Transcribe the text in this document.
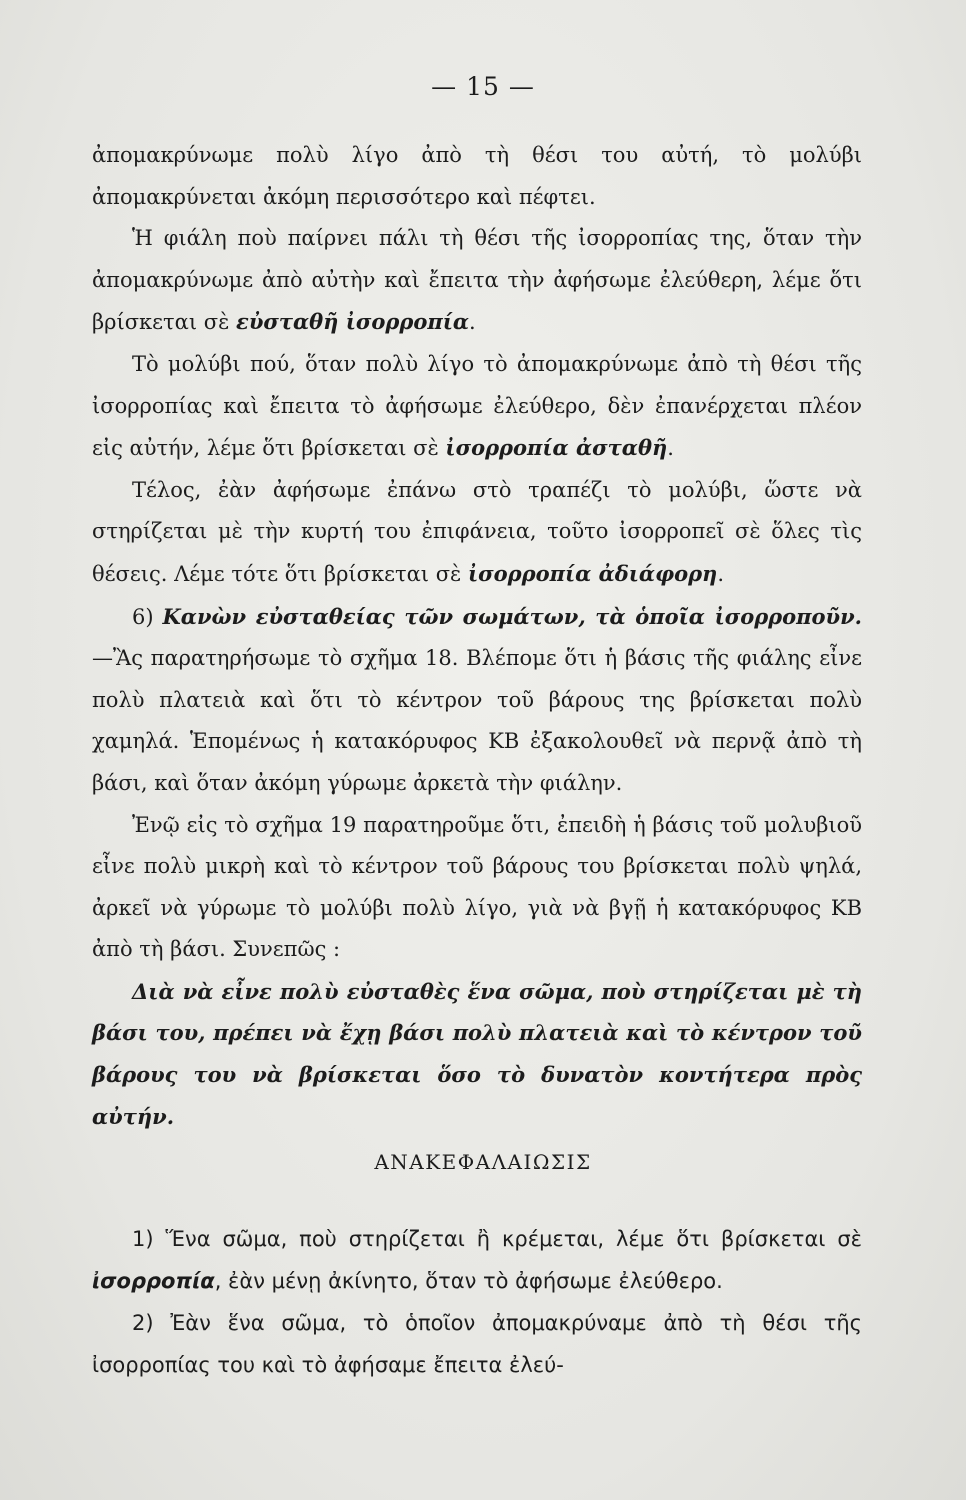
— 15 —

ἀπομακρύνωμε πολὺ λίγο ἀπὸ τὴ θέσι του αὐτή, τὸ μολύβι ἀπομακρύνεται ἀκόμη περισσότερο καὶ πέφτει.

Ἡ φιάλη ποὺ παίρνει πάλι τὴ θέσι τῆς ἰσορροπίας της, ὅταν τὴν ἀπομακρύνωμε ἀπὸ αὐτὴν καὶ ἔπειτα τὴν ἀφήσωμε ἐλεύθερη, λέμε ὅτι βρίσκεται σὲ εὐσταθῆ ἰσορροπία.

Τὸ μολύβι πού, ὅταν πολὺ λίγο τὸ ἀπομακρύνωμε ἀπὸ τὴ θέσι τῆς ἰσορροπίας καὶ ἔπειτα τὸ ἀφήσωμε ἐλεύθερο, δὲν ἐπανέρχεται πλέον εἰς αὐτήν, λέμε ὅτι βρίσκεται σὲ ἰσορροπία ἀσταθῆ.

Τέλος, ἐὰν ἀφήσωμε ἐπάνω στὸ τραπέζι τὸ μολύβι, ὥστε νὰ στηρίζεται μὲ τὴν κυρτή του ἐπιφάνεια, τοῦτο ἰσορροπεῖ σὲ ὅλες τὶς θέσεις. Λέμε τότε ὅτι βρίσκεται σὲ ἰσορροπία ἀδιάφορη.

6) Κανὼν εὐσταθείας τῶν σωμάτων, τὰ ὁποῖα ἰσορροποῦν.—Ἂς παρατηρήσωμε τὸ σχῆμα 18. Βλέπομε ὅτι ἡ βάσις τῆς φιάλης εἶνε πολὺ πλατειὰ καὶ ὅτι τὸ κέντρον τοῦ βάρους της βρίσκεται πολὺ χαμηλά. Ἑπομένως ἡ κατακόρυφος ΚΒ ἐξακολουθεῖ νὰ περνᾷ ἀπὸ τὴ βάσι, καὶ ὅταν ἀκόμη γύρωμε ἀρκετὰ τὴν φιάλην.

Ἐνῷ εἰς τὸ σχῆμα 19 παρατηροῦμε ὅτι, ἐπειδὴ ἡ βάσις τοῦ μολυβιοῦ εἶνε πολὺ μικρὴ καὶ τὸ κέντρον τοῦ βάρους του βρίσκεται πολὺ ψηλά, ἀρκεῖ νὰ γύρωμε τὸ μολύβι πολὺ λίγο, γιὰ νὰ βγῇ ἡ κατακόρυφος ΚΒ ἀπὸ τὴ βάσι. Συνεπῶς :

Διὰ νὰ εἶνε πολὺ εὐσταθὲς ἕνα σῶμα, ποὺ στηρίζεται μὲ τὴ βάσι του, πρέπει νὰ ἔχῃ βάσι πολὺ πλατειὰ καὶ τὸ κέντρον τοῦ βάρους του νὰ βρίσκεται ὅσο τὸ δυνατὸν κοντήτερα πρὸς αὐτήν.

ΑΝΑΚΕΦΑΛΑΙΩΣΙΣ

1) Ἕνα σῶμα, ποὺ στηρίζεται ἢ κρέμεται, λέμε ὅτι βρίσκεται σὲ ἰσορροπία, ἐὰν μένῃ ἀκίνητο, ὅταν τὸ ἀφήσωμε ἐλεύθερο.

2) Ἐὰν ἕνα σῶμα, τὸ ὁποῖον ἀπομακρύναμε ἀπὸ τὴ θέσι τῆς ἰσορροπίας του καὶ τὸ ἀφήσαμε ἔπειτα ἐλεύ-
